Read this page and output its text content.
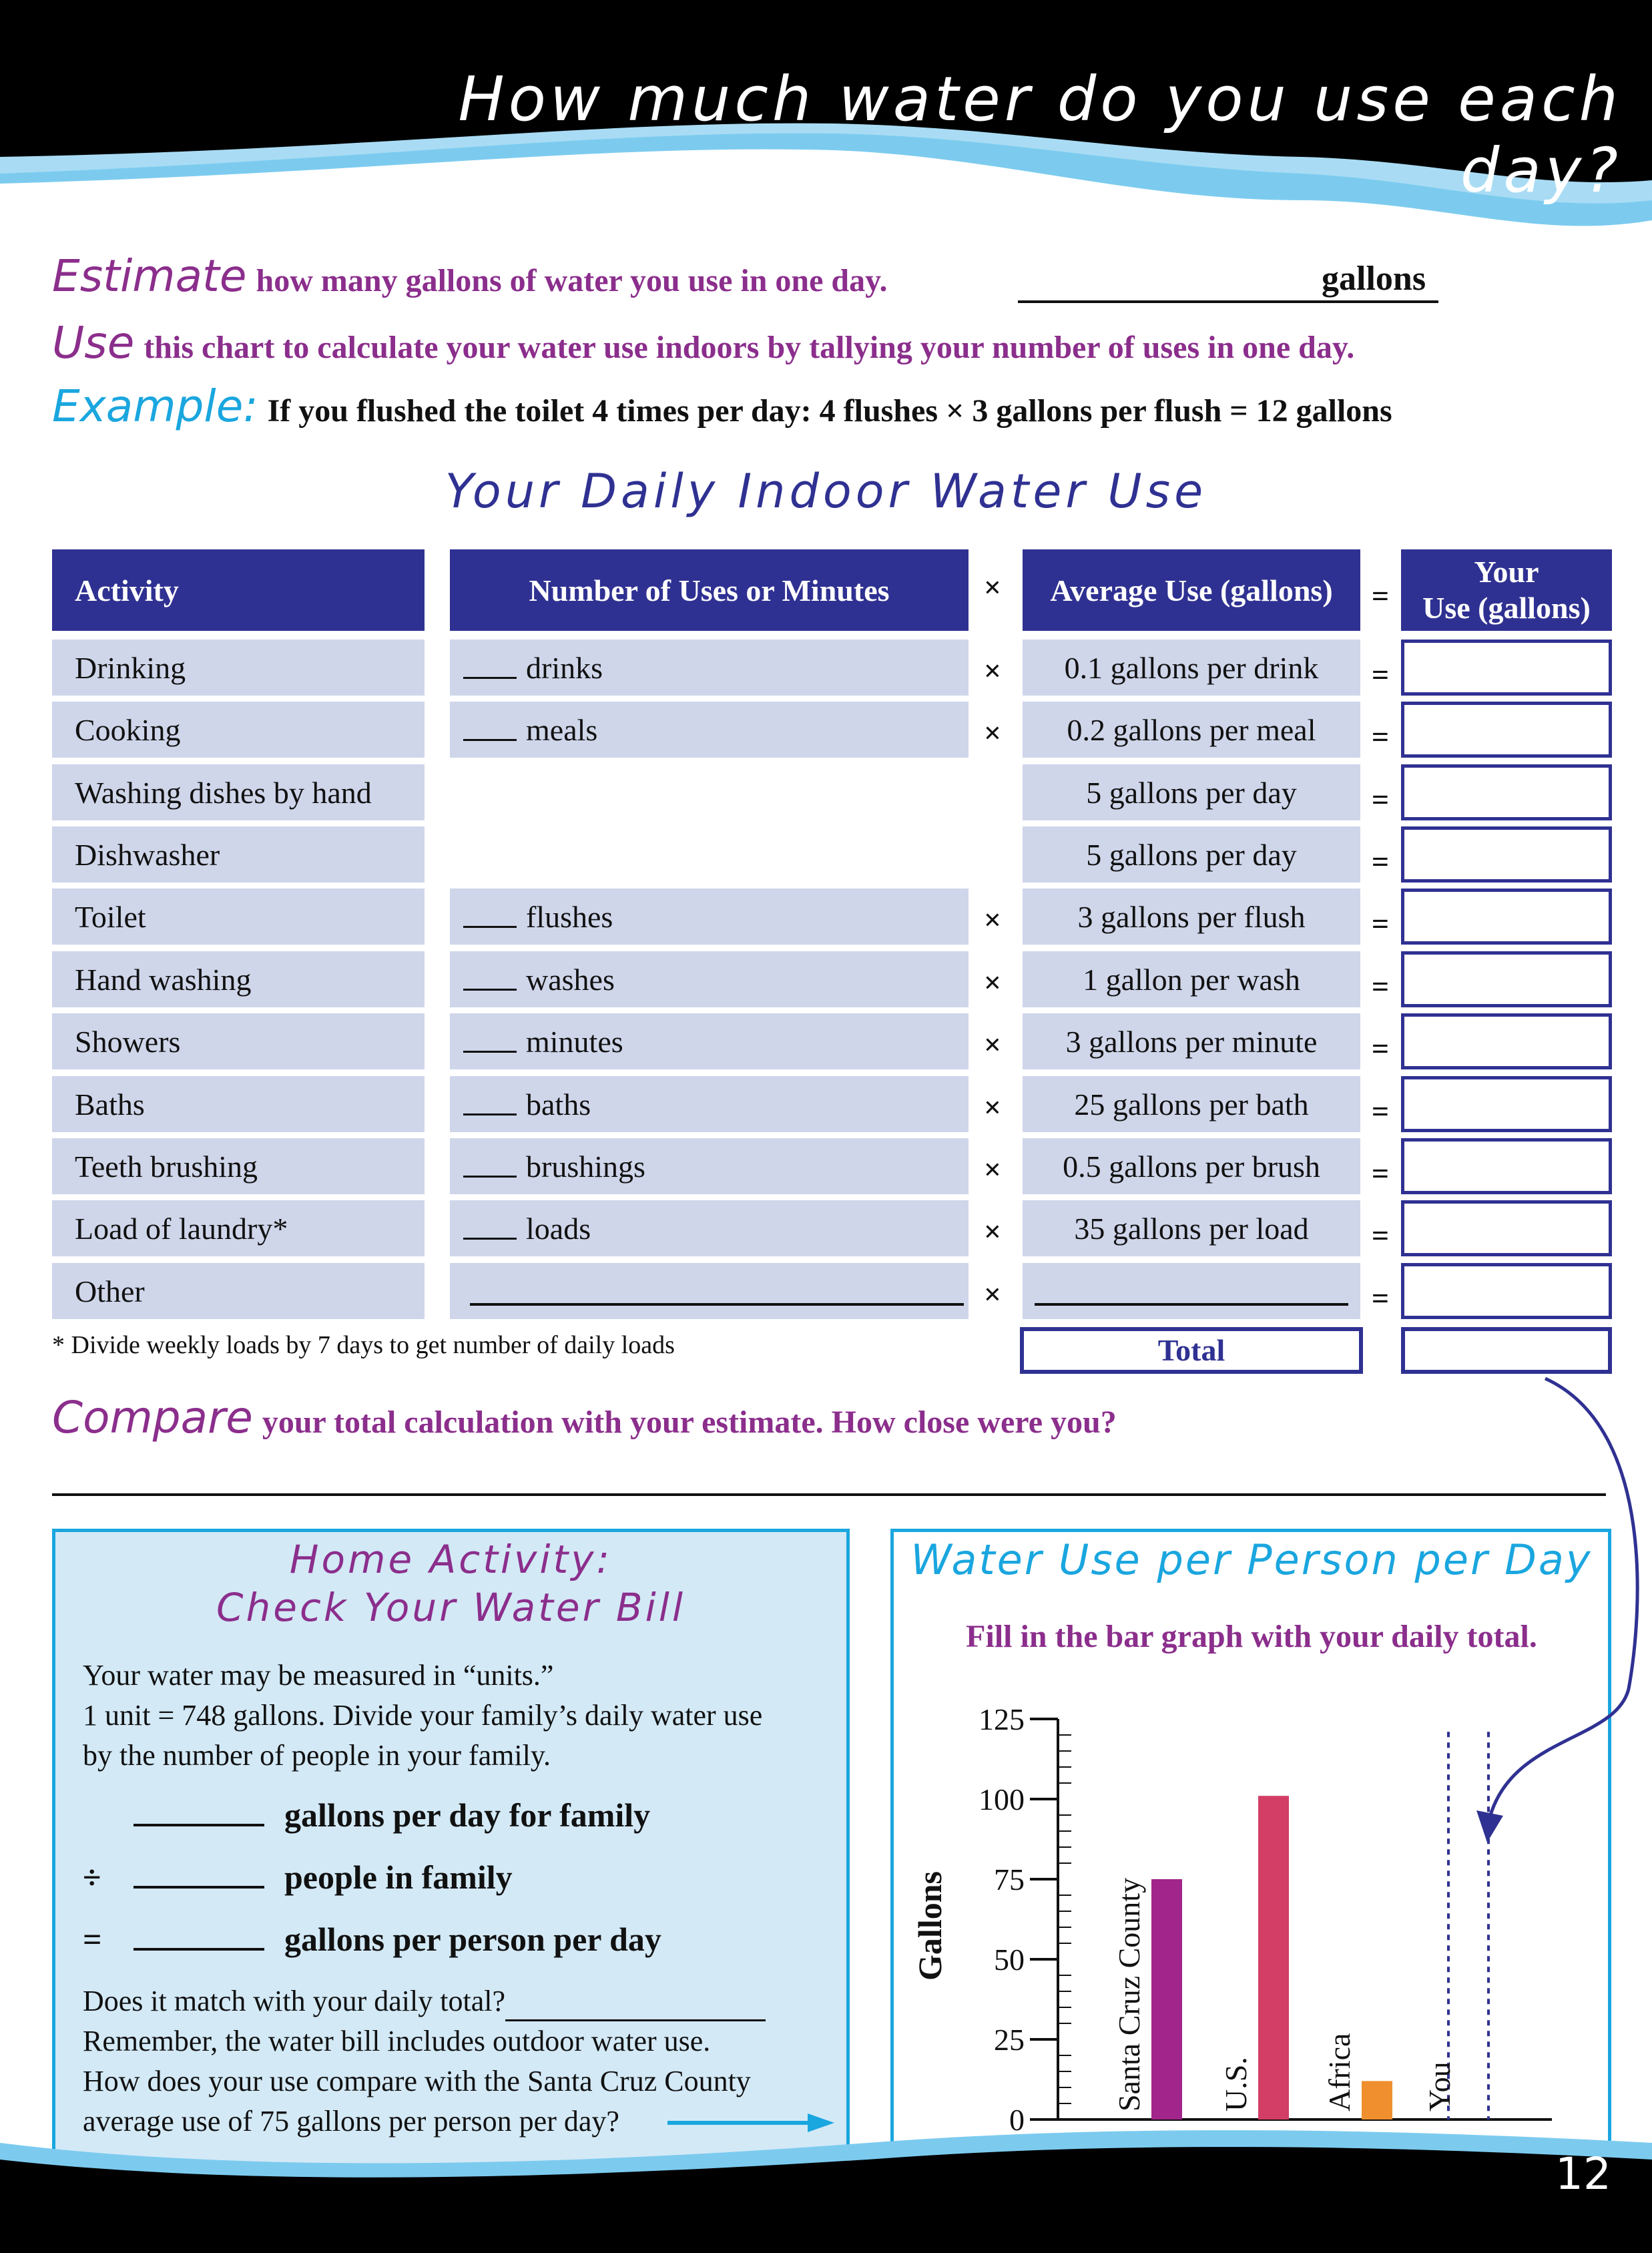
How much water do you use each day?
Estimate how many gallons of water you use in one day.	gallons
Use this chart to calculate your water use indoors by tallying your number of uses in one day.
Example: If you flushed the toilet 4 times per day: 4 flushes × 3 gallons per flush = 12 gallons
Your Daily Indoor Water Use
Activity	Number of Uses or Minutes	×	Average Use (gallons)	=
Your
Use (gallons)
Drinking	drinks	× 0.1 gallons per drink =
Cooking	meals	× 0.2 gallons per meal =
Washing dishes by hand	5 gallons per day =
Dishwasher	5 gallons per day =
Toilet	flushes	× 3 gallons per flush =
Hand washing	washes	×	1 gallon per wash =
Showers	minutes	× 3 gallons per minute =
Baths	baths	× 25 gallons per bath =
Teeth brushing	brushings	× 0.5 gallons per brush =
Load of laundry*	loads	× 35 gallons per load =
Other	×	=
* Divide weekly loads by 7 days to get number of daily loads	Total
Compare your total calculation with your estimate. How close were you?
Home Activity:
Check Your Water Bill
Your water may be measured in “units.”
1 unit = 748 gallons. Divide your family’s daily water use
by the number of people in your family.
gallons per day for family
÷	people in family
=	gallons per person per day
Does it match with your daily total?
Remember, the water bill includes outdoor water use.
How does your use compare with the Santa Cruz County
average use of 75 gallons per person per day?
Water Use per Person per Day
Fill in the bar graph with your daily total.
0
25
50
75
100
125
Gallons	Santa Cruz County U.S. Africa You
12
